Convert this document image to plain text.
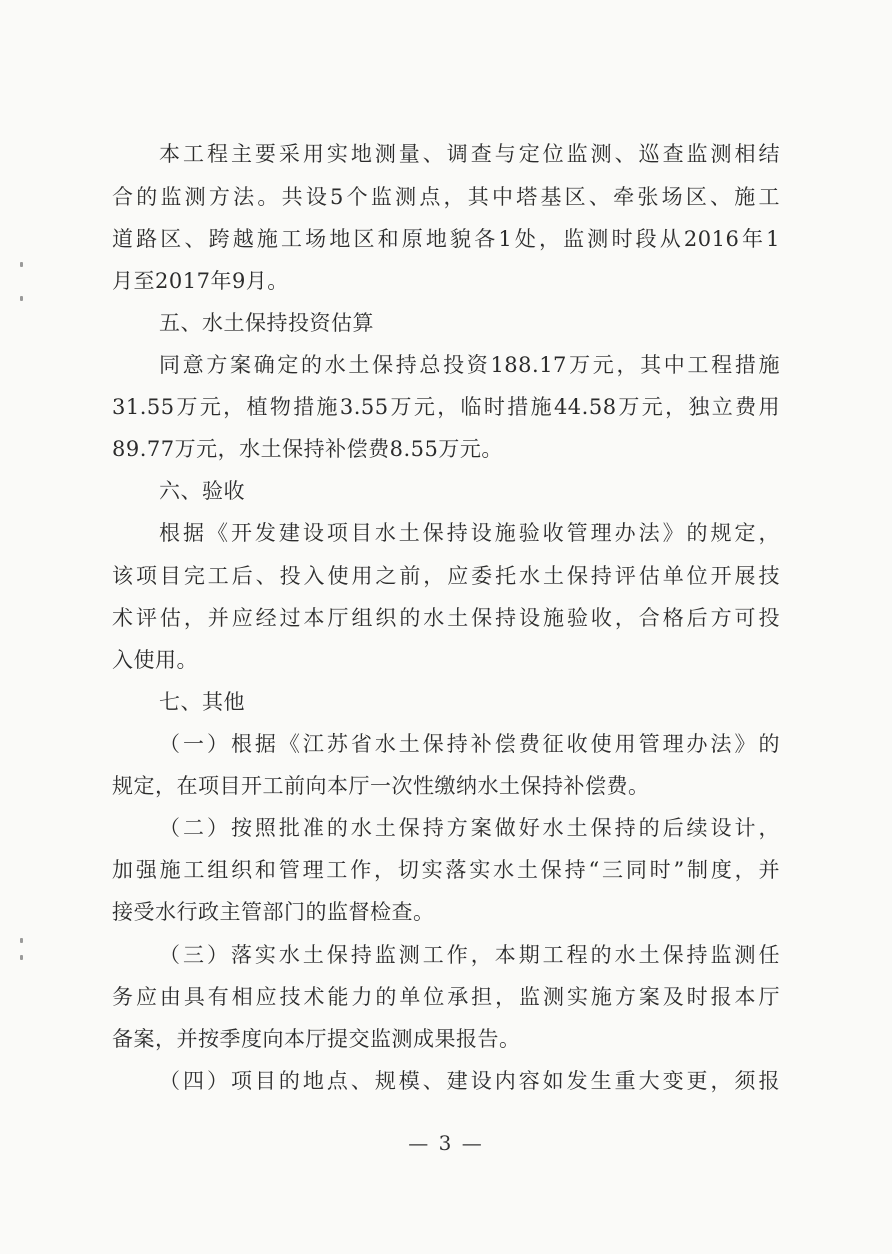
本工程主要采用实地测量、调查与定位监测、巡查监测相结
合的监测方法。共设5个监测点，其中塔基区、牵张场区、施工
道路区、跨越施工场地区和原地貌各1处，监测时段从2016年1
月至2017年9月。
五、水土保持投资估算
同意方案确定的水土保持总投资188.17万元，其中工程措施
31.55万元，植物措施3.55万元，临时措施44.58万元，独立费用
89.77万元，水土保持补偿费8.55万元。
六、验收
根据《开发建设项目水土保持设施验收管理办法》的规定，
该项目完工后、投入使用之前，应委托水土保持评估单位开展技
术评估，并应经过本厅组织的水土保持设施验收，合格后方可投
入使用。
七、其他
（一）根据《江苏省水土保持补偿费征收使用管理办法》的
规定，在项目开工前向本厅一次性缴纳水土保持补偿费。
（二）按照批准的水土保持方案做好水土保持的后续设计，
加强施工组织和管理工作，切实落实水土保持“三同时”制度，并
接受水行政主管部门的监督检查。
（三）落实水土保持监测工作，本期工程的水土保持监测任
务应由具有相应技术能力的单位承担，监测实施方案及时报本厅
备案，并按季度向本厅提交监测成果报告。
（四）项目的地点、规模、建设内容如发生重大变更，须报
— 3 —
